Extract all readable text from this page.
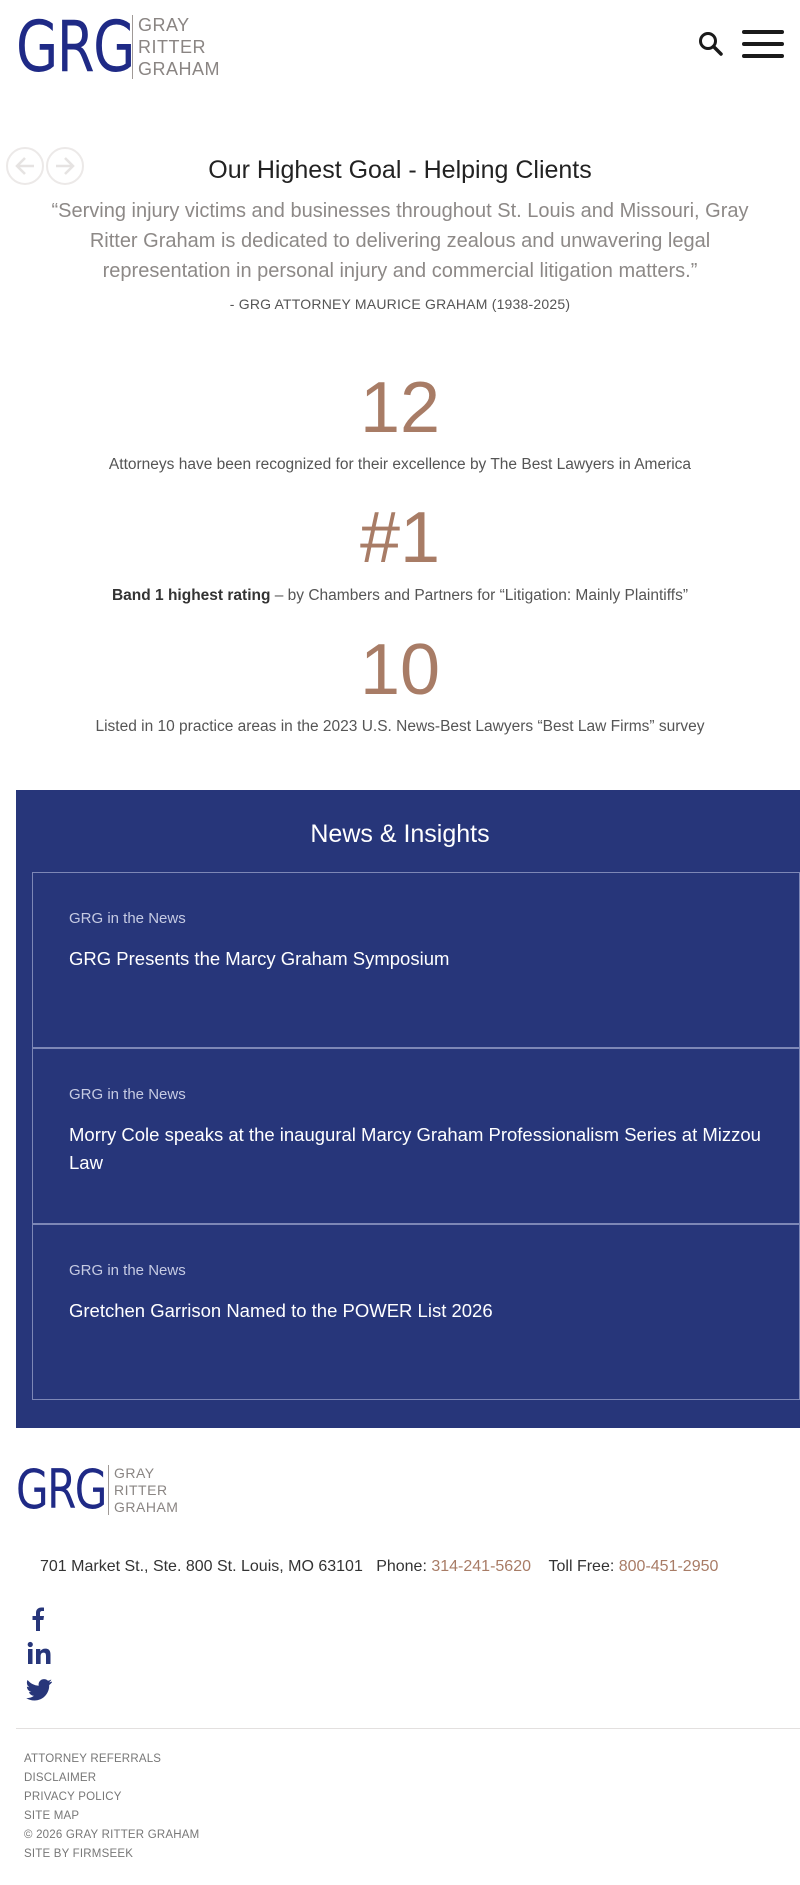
GRG GRAY
RITTER
GRAHAM
Our Highest Goal - Helping Clients
“Serving injury victims and businesses throughout St. Louis and Missouri, Gray Ritter Graham is dedicated to delivering zealous and unwavering legal representation in personal injury and commercial litigation matters.”
- GRG ATTORNEY MAURICE GRAHAM (1938-2025)
12
Attorneys have been recognized for their excellence by The Best Lawyers in America
#1
Band 1 highest rating – by Chambers and Partners for “Litigation: Mainly Plaintiffs”
10
Listed in 10 practice areas in the 2023 U.S. News-Best Lawyers “Best Law Firms” survey
News & Insights
GRG in the News
GRG Presents the Marcy Graham Symposium
GRG in the News
Morry Cole speaks at the inaugural Marcy Graham Professionalism Series at Mizzou Law
GRG in the News
Gretchen Garrison Named to the POWER List 2026
GRG GRAY
RITTER
GRAHAM
701 Market St., Ste. 800 St. Louis, MO 63101 Phone: 314-241-5620 Toll Free: 800-451-2950
ATTORNEY REFERRALS
DISCLAIMER
PRIVACY POLICY
SITE MAP
© 2026 GRAY RITTER GRAHAM
SITE BY FIRMSEEK
